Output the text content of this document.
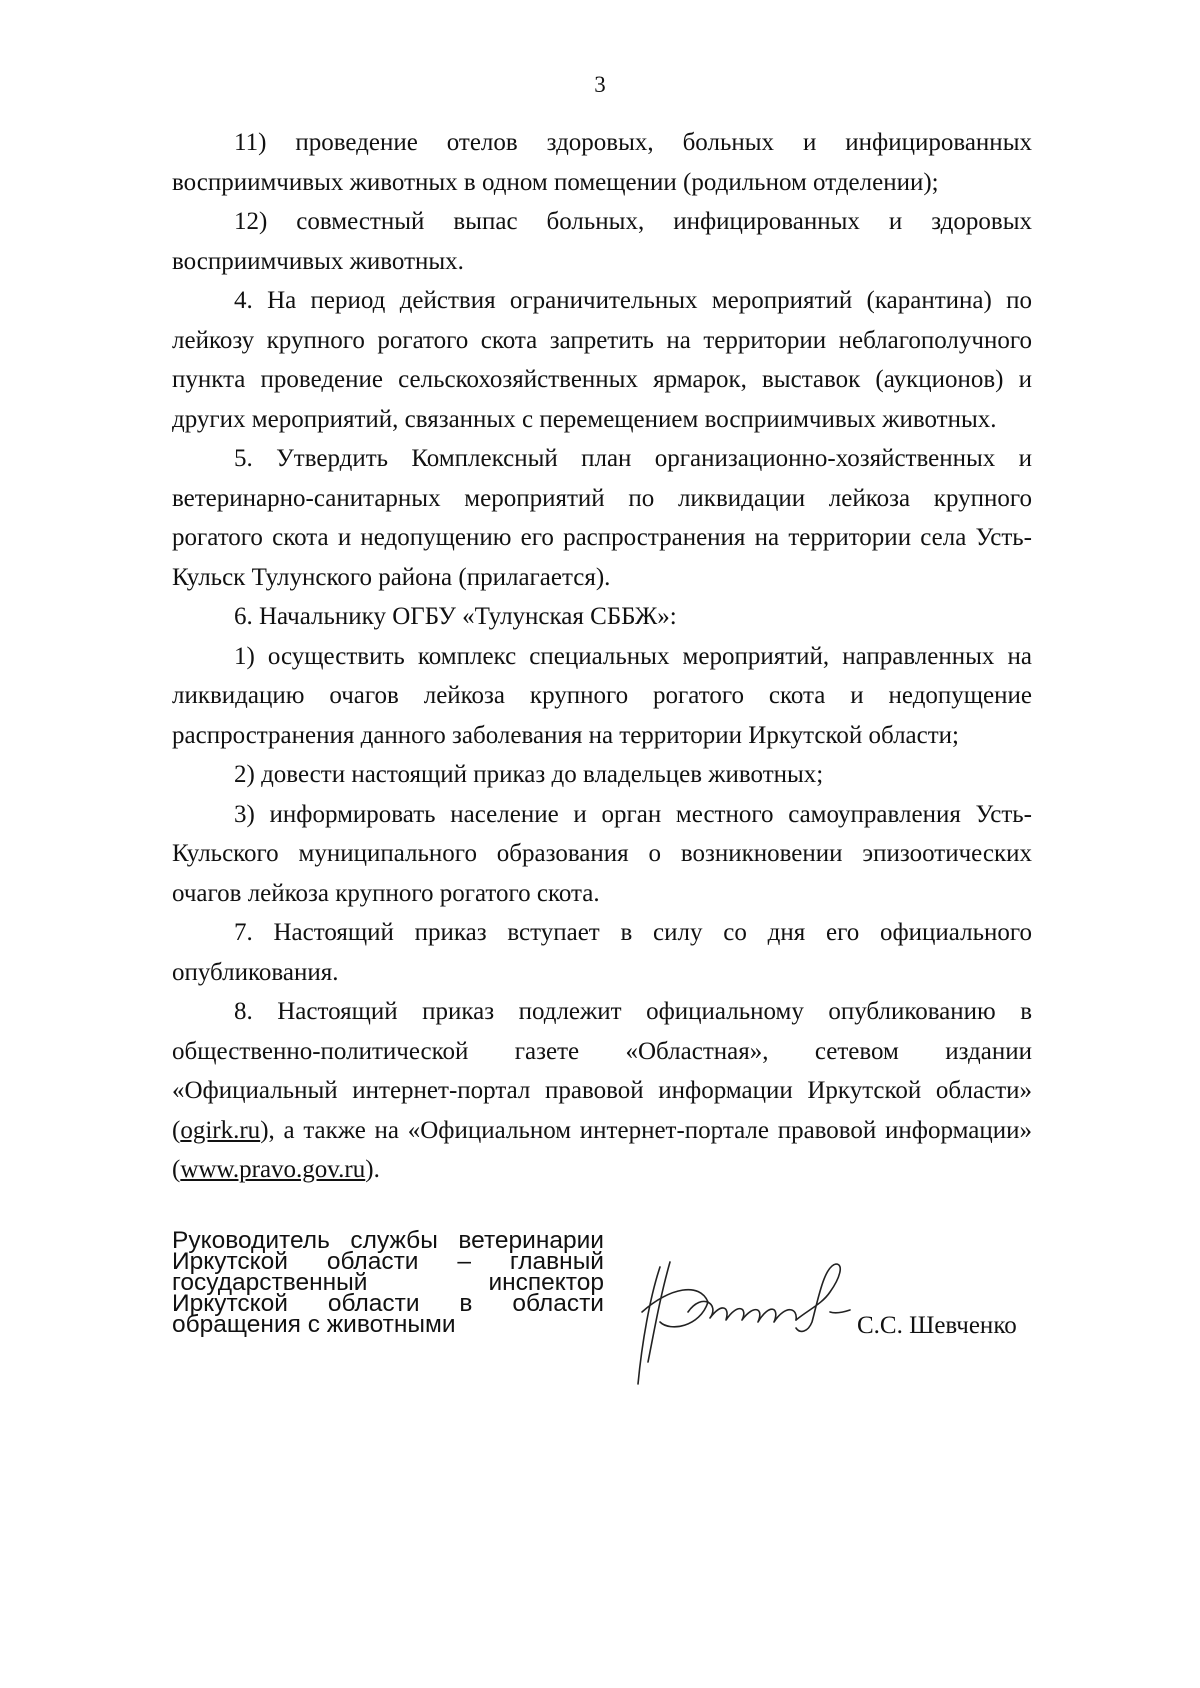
3

11) проведение отелов здоровых, больных и инфицированных восприимчивых животных в одном помещении (родильном отделении);

12) совместный выпас больных, инфицированных и здоровых восприимчивых животных.

4. На период действия ограничительных мероприятий (карантина) по лейкозу крупного рогатого скота запретить на территории неблагополучного пункта проведение сельскохозяйственных ярмарок, выставок (аукционов) и других мероприятий, связанных с перемещением восприимчивых животных.

5. Утвердить Комплексный план организационно-хозяйственных и ветеринарно-санитарных мероприятий по ликвидации лейкоза крупного рогатого скота и недопущению его распространения на территории села Усть-Кульск Тулунского района (прилагается).

6. Начальнику ОГБУ «Тулунская СББЖ»:

1) осуществить комплекс специальных мероприятий, направленных на ликвидацию очагов лейкоза крупного рогатого скота и недопущение распространения данного заболевания на территории Иркутской области;

2) довести настоящий приказ до владельцев животных;

3) информировать население и орган местного самоуправления Усть-Кульского муниципального образования о возникновении эпизоотических очагов лейкоза крупного рогатого скота.

7. Настоящий приказ вступает в силу со дня его официального опубликования.

8. Настоящий приказ подлежит официальному опубликованию в общественно-политической газете «Областная», сетевом издании «Официальный интернет-портал правовой информации Иркутской области» (ogirk.ru), а также на «Официальном интернет-портале правовой информации» (www.pravo.gov.ru).

Руководитель службы ветеринарии
Иркутской области – главный
государственный инспектор
Иркутской области в области
обращения с животными	С.С. Шевченко
